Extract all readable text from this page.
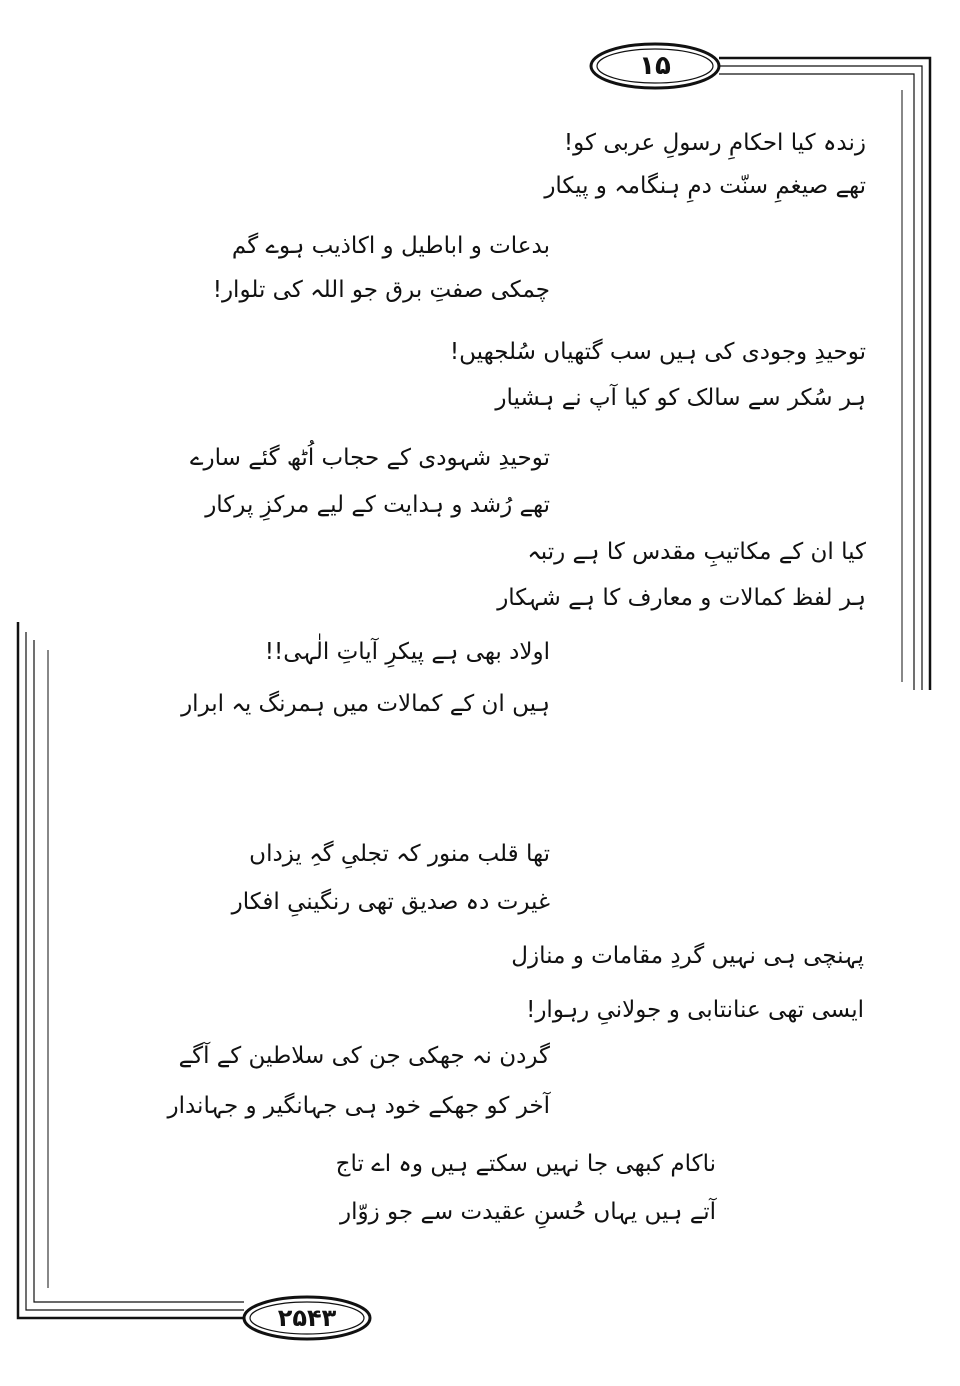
۱۵
۲۵۴۳
زندہ کیا احکامِ رسولِ عربی کو!
تھے صیغمِ سنّت دمِ ہنگامہ و پیکار
بدعات و اباطیل و اکاذیب ہوے گم
چمکی صفتِ برق جو اللہ کی تلوار!
توحیدِ وجودی کی ہیں سب گتھیاں سُلجھیں!
ہر سُکر سے سالک کو کیا آپ نے ہشیار
توحیدِ شہودی کے حجاب اُٹھ گئے سارے
تھے رُشد و ہدایت کے لیے مرکزِ پرکار
کیا ان کے مکاتیبِ مقدس کا ہے رتبہ
ہر لفظ کمالات و معارف کا ہے شہکار
اولاد بھی ہے پیکرِ آیاتِ الٰہی!!
ہیں ان کے کمالات میں ہمرنگ یہ ابرار
تھا قلب منور کہ تجلیِ گہِ یزداں
غیرت دہ صدیق تھی رنگینیِ افکار
پہنچی ہی نہیں گردِ مقامات و منازل
ایسی تھی عنانتابی و جولانیِ رہوار!
گردن نہ جھکی جن کی سلاطین کے آگے
آخر کو جھکے خود ہی جہانگیر و جہاندار
ناکام کبھی جا نہیں سکتے ہیں وہ اے تاج
آتے ہیں یہاں حُسنِ عقیدت سے جو زوّار
